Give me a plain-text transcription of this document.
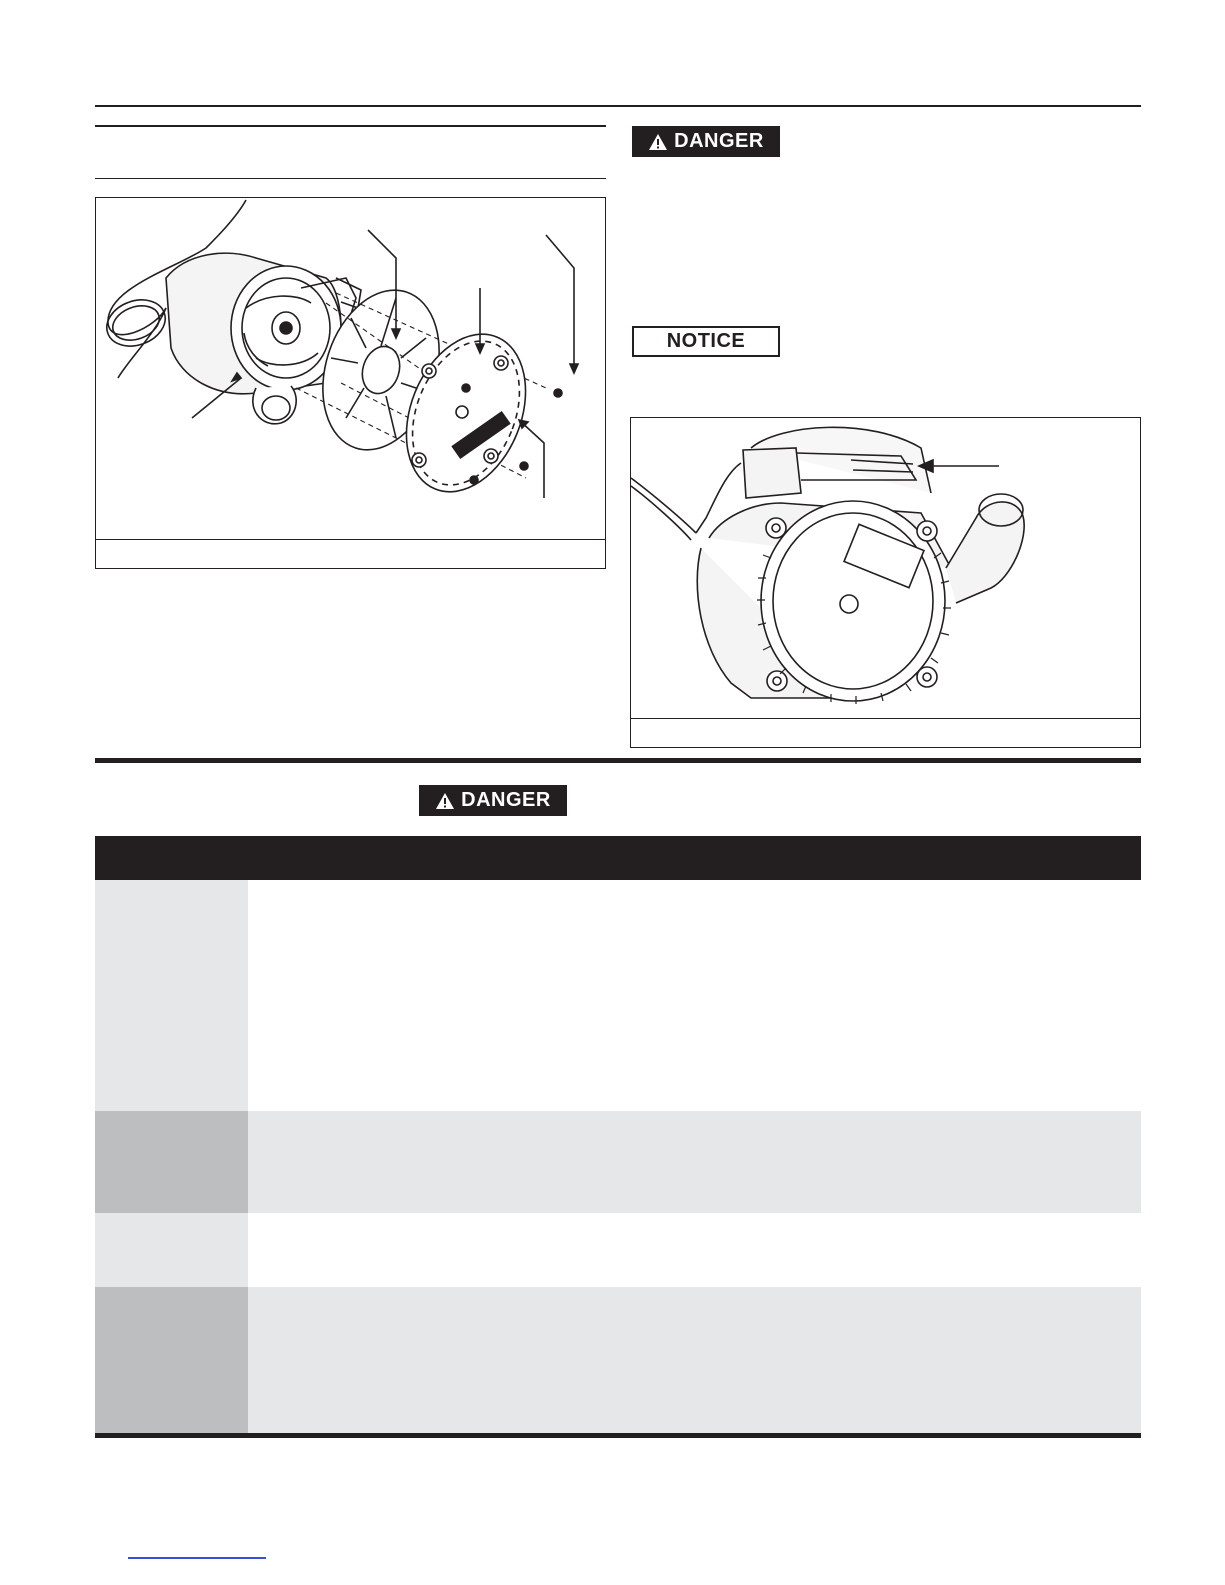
DANGER
NOTICE
DANGER
